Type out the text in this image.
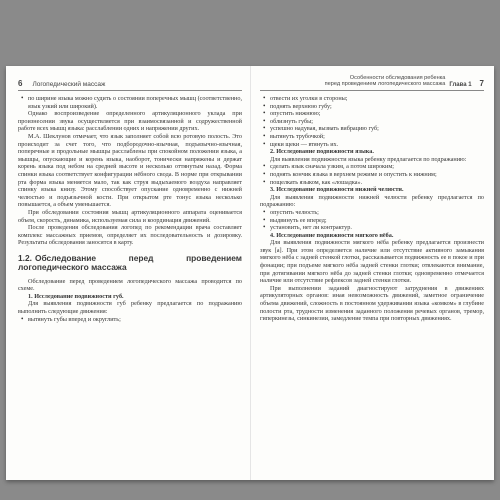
6 Логопедический массаж

• по ширине языка можно судить о состоянии поперечных мышц (соответственно, язык узкий или широкий).

Однако воспроизведение определенного артикуляционного уклада при произнесении звука осуществляется при взаимосвязанной и содружественной работе всех мышц языка: расслаблении одних и напряжении других.

М.А. Шеклунов отмечает, что язык заполняет собой всю ротовую полость. Это происходит за счет того, что подбородочно-язычная, подъязычно-язычная, поперечные и продольные мышцы расслаблены при спокойном положении языка, а мышцы, опускающие и корень языка, наоборот, тонически напряжены и держат корень языка под небом на средней высоте и несколько оттянутым назад. Форма спинки языка соответствует конфигурации нёбного свода. В норме при открывании рта форма языка меняется мало, так как струя выдыхаемого воздуха направляет спинку языка книзу. Этому способствует опускание одновременно с нижней челюстью и подъязычной кости. При открытом рте тонус языка несколько повышается, а объем уменьшается.

При обследовании состояния мышц артикуляционного аппарата оценивается объем, скорость, динамика, используемая сила и координация движений.

После проведения обследования логопед по рекомендации врача составляет комплекс массажных приемов, определяет их последовательность и дозировку. Результаты обследования заносятся в карту.

1.2. Обследование перед проведением логопедического массажа

Обследование перед проведением логопедического массажа проводится по схеме.

1. Исследование подвижности губ.

Для выявления подвижности губ ребенку предлагается по подражанию выполнить следующие движения:

• вытянуть губы вперед и округлить;

Особенности обследования ребенка
перед проведением логопедического массажа Глава 1 7

• отвести их уголки в стороны;

• поднять верхнюю губу;

• опустить нижнюю;

• облизнуть губы;

• успешно надувая, вызвать вибрацию губ;

• вытянуть трубочкой;

• щеки щеки — втянуть их.

2. Исследование подвижности языка.

Для выявления подвижности языка ребенку предлагается по подражанию:

• сделать язык сначала узким, а потом широким;

• поднять кончик языка в верхнем режиме и опустить к нижним;

• пощелкать языком, как «лошадка».

3. Исследование подвижности нижней челюсти.

Для выявления подвижности нижней челюсти ребенку предлагается по подражанию:

• опустить челюсть;

• выдвинуть ее вперед;

• установить, нет ли контрактур.

4. Исследование подвижности мягкого нёба.

Для выявления подвижности мягкого нёба ребенку предлагается произнести звук [а]. При этом определяется наличие или отсутствие активного замыкания мягкого нёба с задней стенкой глотки, рассказывается подвижность ее в покое и при фонации; при подъеме мягкого нёба задней стенки глотки; отвлекаются внимание, при дотягивании мягкого нёба до задней стенки глотки; одновременно отмечается наличие или отсутствие рефлексов задней стенки глотки.

При выполнении заданий диагностируют затруднения в движениях артикуляторных органов: иная невозможность движений, заметное ограничение объема движений, сложность в постоянном удерживании языка «комком» в глубине полости рта, трудности изменения заданного положения речевых органов, тремор, гиперкинезы, синкинезии, замедление темпа при повторных движениях.
